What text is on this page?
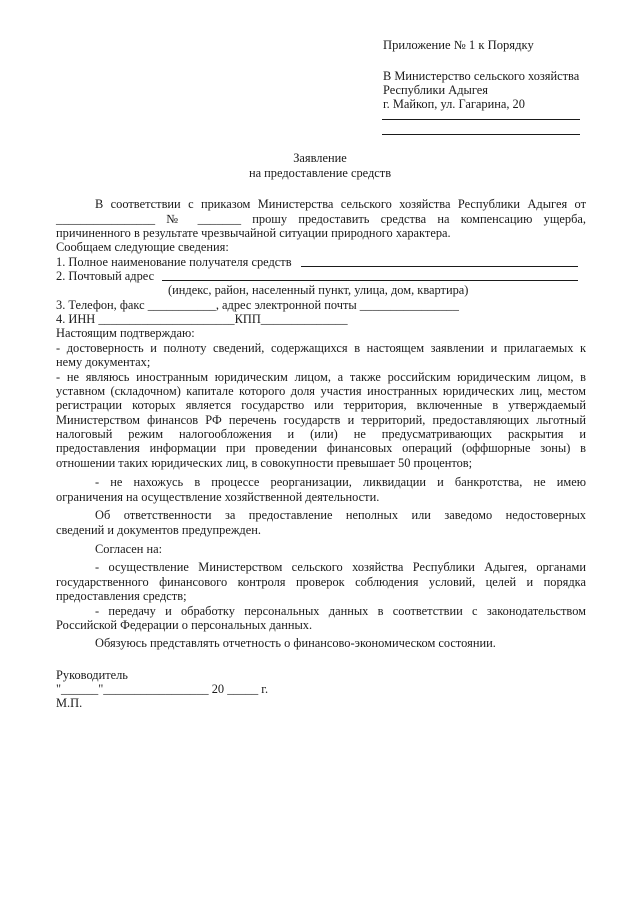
Приложение № 1 к Порядку
В Министерство сельского хозяйства
Республики Адыгея
г. Майкоп, ул. Гагарина, 20
Заявление
на предоставление средств
В соответствии с приказом Министерства сельского хозяйства Республики Адыгея от
________________ № _______ прошу предоставить средства на компенсацию ущерба,
причиненного в результате чрезвычайной ситуации природного характера.
Сообщаем следующие сведения:
1. Полное наименование получателя средств
2. Почтовый адрес
(индекс, район, населенный пункт, улица, дом, квартира)
3. Телефон, факс ___________, адрес электронной почты ________________
4. ИНН ______________________КПП______________
Настоящим подтверждаю:
- достоверность и полноту сведений, содержащихся в настоящем заявлении и прилагаемых к
нему документах;
- не являюсь иностранным юридическим лицом, а также российским юридическим лицом, в
уставном (складочном) капитале которого доля участия иностранных юридических лиц, местом
регистрации которых является государство или территория, включенные в утверждаемый
Министерством финансов РФ перечень государств и территорий, предоставляющих льготный
налоговый режим налогообложения и (или) не предусматривающих раскрытия и
предоставления информации при проведении финансовых операций (оффшорные зоны) в
отношении таких юридических лиц, в совокупности превышает 50 процентов;
- не нахожусь в процессе реорганизации, ликвидации и банкротства, не имею
ограничения на осуществление хозяйственной деятельности.
Об ответственности за предоставление неполных или заведомо недостоверных
сведений и документов предупрежден.
Согласен на:
- осуществление Министерством сельского хозяйства Республики Адыгея, органами
государственного финансового контроля проверок соблюдения условий, целей и порядка
предоставления средств;
- передачу и обработку персональных данных в соответствии с законодательством
Российской Федерации о персональных данных.
Обязуюсь представлять отчетность о финансово-экономическом состоянии.
Руководитель
"______"_________________ 20 _____ г.
М.П.
